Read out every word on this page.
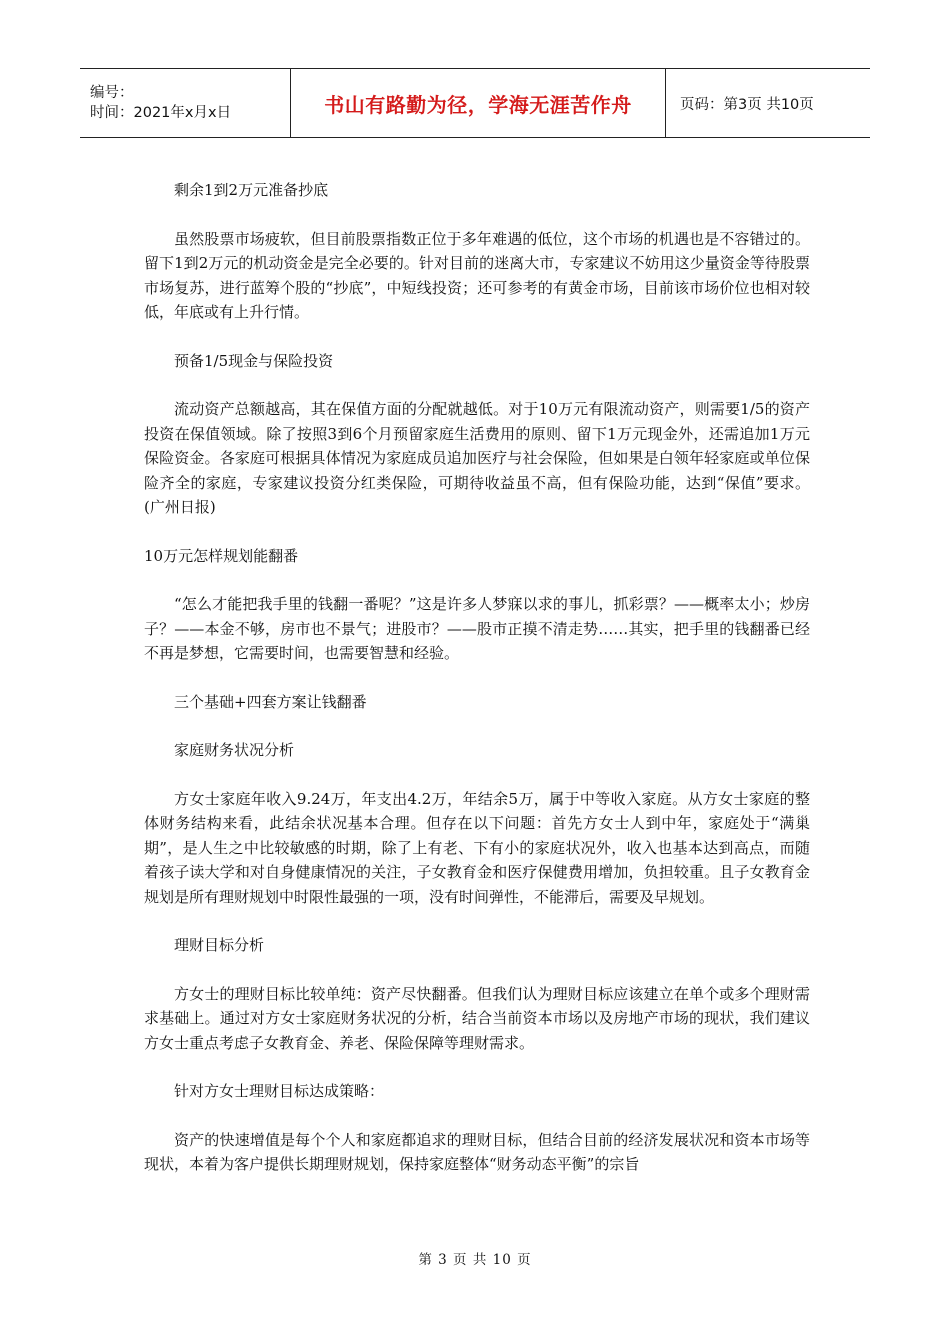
编号：
时间：2021年x月x日	书山有路勤为径，学海无涯苦作舟	页码：第3页 共10页

剩余1到2万元准备抄底

虽然股票市场疲软，但目前股票指数正位于多年难遇的低位，这个市场的机遇也是不容错过的。留下1到2万元的机动资金是完全必要的。针对目前的迷离大市，专家建议不妨用这少量资金等待股票市场复苏，进行蓝筹个股的“抄底”，中短线投资；还可参考的有黄金市场，目前该市场价位也相对较低，年底或有上升行情。

预备1/5现金与保险投资

流动资产总额越高，其在保值方面的分配就越低。对于10万元有限流动资产，则需要1/5的资产投资在保值领域。除了按照3到6个月预留家庭生活费用的原则、留下1万元现金外，还需追加1万元保险资金。各家庭可根据具体情况为家庭成员追加医疗与社会保险，但如果是白领年轻家庭或单位保险齐全的家庭，专家建议投资分红类保险，可期待收益虽不高，但有保险功能，达到“保值”要求。(广州日报)

10万元怎样规划能翻番

“怎么才能把我手里的钱翻一番呢？”这是许多人梦寐以求的事儿，抓彩票？——概率太小；炒房子？——本金不够，房市也不景气；进股市？——股市正摸不清走势……其实，把手里的钱翻番已经不再是梦想，它需要时间，也需要智慧和经验。

三个基础+四套方案让钱翻番

家庭财务状况分析

方女士家庭年收入9.24万，年支出4.2万，年结余5万，属于中等收入家庭。从方女士家庭的整体财务结构来看，此结余状况基本合理。但存在以下问题：首先方女士人到中年，家庭处于“满巢期”，是人生之中比较敏感的时期，除了上有老、下有小的家庭状况外，收入也基本达到高点，而随着孩子读大学和对自身健康情况的关注，子女教育金和医疗保健费用增加，负担较重。且子女教育金规划是所有理财规划中时限性最强的一项，没有时间弹性，不能滞后，需要及早规划。

理财目标分析

方女士的理财目标比较单纯：资产尽快翻番。但我们认为理财目标应该建立在单个或多个理财需求基础上。通过对方女士家庭财务状况的分析，结合当前资本市场以及房地产市场的现状，我们建议方女士重点考虑子女教育金、养老、保险保障等理财需求。

针对方女士理财目标达成策略：

资产的快速增值是每个个人和家庭都追求的理财目标，但结合目前的经济发展状况和资本市场等现状，本着为客户提供长期理财规划，保持家庭整体“财务动态平衡”的宗旨

第 3 页 共 10 页
